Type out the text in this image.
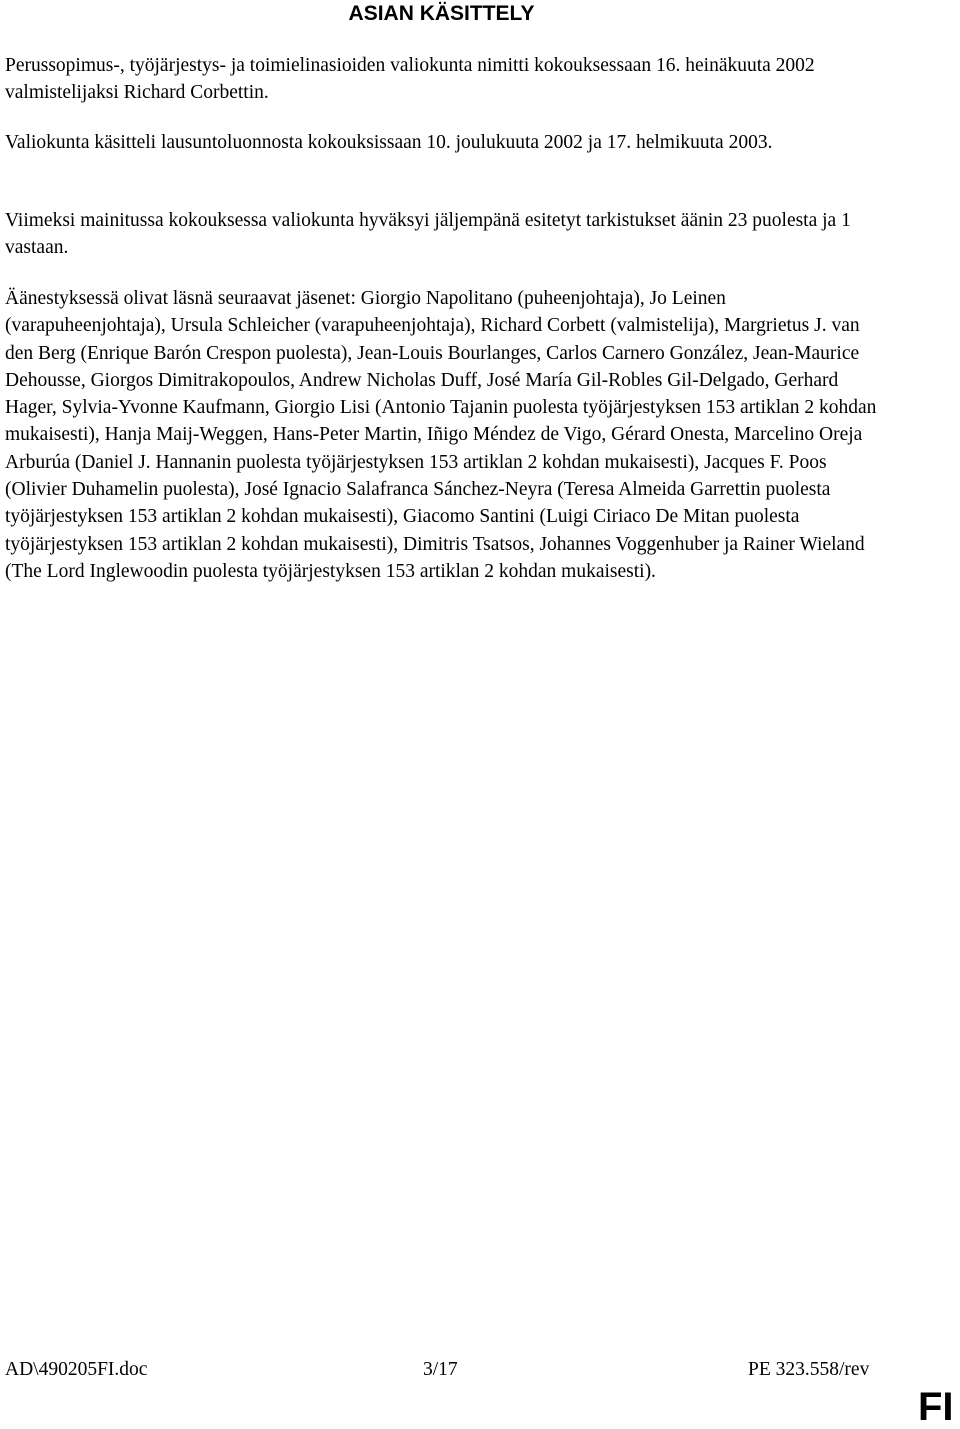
ASIAN KÄSITTELY

Perussopimus-, työjärjestys- ja toimielinasioiden valiokunta nimitti kokouksessaan 16. heinäkuuta 2002 valmistelijaksi Richard Corbettin.

Valiokunta käsitteli lausuntoluonnosta kokouksissaan 10. joulukuuta 2002 ja 17. helmikuuta 2003.

Viimeksi mainitussa kokouksessa valiokunta hyväksyi jäljempänä esitetyt tarkistukset äänin 23 puolesta ja 1 vastaan.

Äänestyksessä olivat läsnä seuraavat jäsenet: Giorgio Napolitano (puheenjohtaja), Jo Leinen (varapuheenjohtaja), Ursula Schleicher (varapuheenjohtaja), Richard Corbett (valmistelija), Margrietus J. van den Berg (Enrique Barón Crespon puolesta), Jean-Louis Bourlanges, Carlos Carnero González, Jean-Maurice Dehousse, Giorgos Dimitrakopoulos, Andrew Nicholas Duff, José María Gil-Robles Gil-Delgado, Gerhard Hager, Sylvia-Yvonne Kaufmann, Giorgio Lisi (Antonio Tajanin puolesta työjärjestyksen 153 artiklan 2 kohdan mukaisesti), Hanja Maij-Weggen, Hans-Peter Martin, Iñigo Méndez de Vigo, Gérard Onesta, Marcelino Oreja Arburúa (Daniel J. Hannanin puolesta työjärjestyksen 153 artiklan 2 kohdan mukaisesti), Jacques F. Poos (Olivier Duhamelin puolesta), José Ignacio Salafranca Sánchez-Neyra (Teresa Almeida Garrettin puolesta työjärjestyksen 153 artiklan 2 kohdan mukaisesti), Giacomo Santini (Luigi Ciriaco De Mitan puolesta työjärjestyksen 153 artiklan 2 kohdan mukaisesti), Dimitris Tsatsos, Johannes Voggenhuber ja Rainer Wieland (The Lord Inglewoodin puolesta työjärjestyksen 153 artiklan 2 kohdan mukaisesti).

AD\490205FI.doc	3/17	PE 323.558/rev
FI
